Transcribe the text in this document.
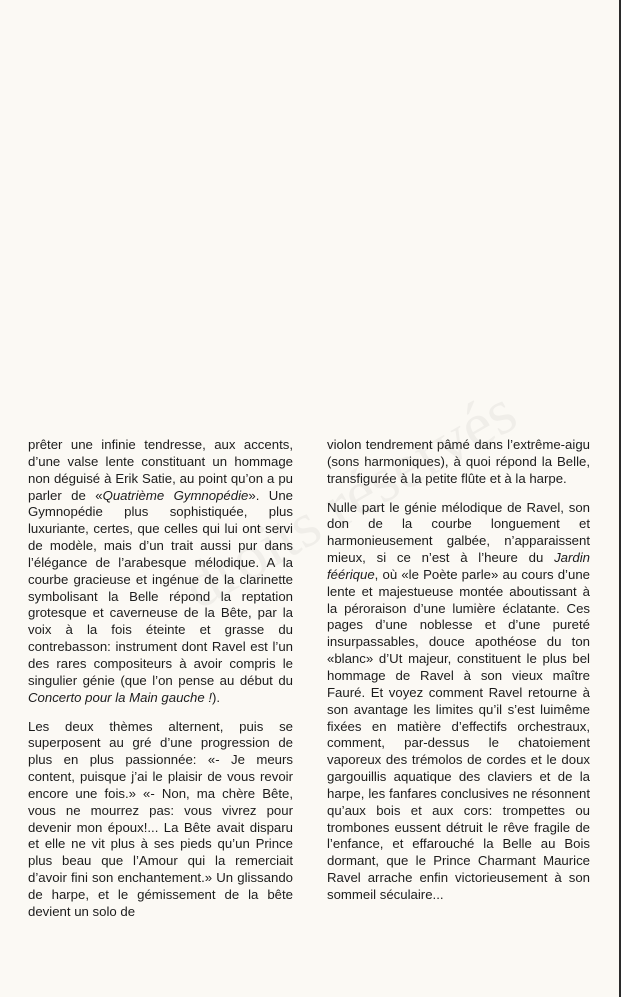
prêter une infinie tendresse, aux accents, d’une valse lente constituant un hommage non déguisé à Erik Satie, au point qu’on a pu parler de «Quatrième Gymnopédie». Une Gymnopédie plus sophistiquée, plus luxuriante, certes, que celles qui lui ont servi de modèle, mais d’un trait aussi pur dans l’élégance de l’arabesque mélodique. A la courbe gracieuse et ingénue de la clarinette symbolisant la Belle répond la reptation grotesque et caverneuse de la Bête, par la voix à la fois éteinte et grasse du contrebasson: instrument dont Ravel est l’un des rares compositeurs à avoir compris le singulier génie (que l’on pense au début du Concerto pour la Main gauche !).

Les deux thèmes alternent, puis se superposent au gré d’une progression de plus en plus passionnée: «- Je meurs content, puisque j’ai le plaisir de vous revoir encore une fois.» «- Non, ma chère Bête, vous ne mourrez pas: vous vivrez pour devenir mon époux!... La Bête avait disparu et elle ne vit plus à ses pieds qu’un Prince plus beau que l’Amour qui la remerciait d’avoir fini son enchantement.» Un glissando de harpe, et le gémissement de la bête devient un solo de

violon tendrement pâmé dans l’extrême-aigu (sons harmoniques), à quoi répond la Belle, transfigurée à la petite flûte et à la harpe.

Nulle part le génie mélodique de Ravel, son don de la courbe longuement et harmonieusement galbée, n’apparaissent mieux, si ce n’est à l’heure du Jardin féérique, où «le Poète parle» au cours d’une lente et majestueuse montée aboutissant à la péroraison d’une lumière éclatante. Ces pages d’une noblesse et d’une pureté insurpassables, douce apothéose du ton «blanc» d’Ut majeur, constituent le plus bel hommage de Ravel à son vieux maître Fauré. Et voyez comment Ravel retourne à son avantage les limites qu’il s’est luimême fixées en matière d’effectifs orchestraux, comment, par-dessus le chatoiement vaporeux des trémolos de cordes et le doux gargouillis aquatique des claviers et de la harpe, les fanfares conclusives ne résonnent qu’aux bois et aux cors: trompettes ou trombones eussent détruit le rêve fragile de l’enfance, et effarouché la Belle au Bois dormant, que le Prince Charmant Maurice Ravel arrache enfin victorieusement à son sommeil séculaire...
